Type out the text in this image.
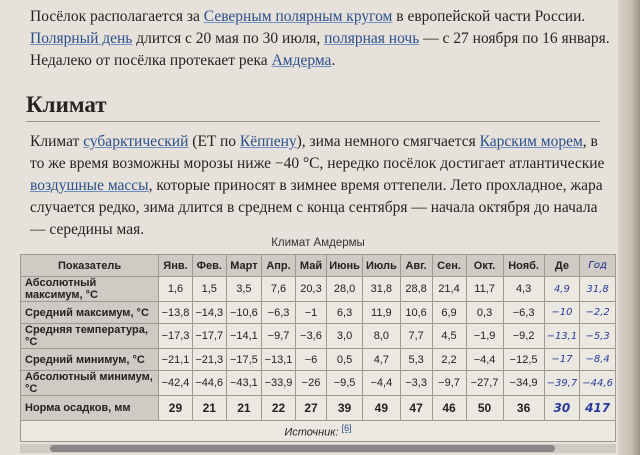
Посёлок располагается за Северным полярным кругом в европейской части России.
Полярный день длится с 20 мая по 30 июля, полярная ночь — с 27 ноября по 16 января.
Недалеко от посёлка протекает река Амдерма.
Климат
Климат субарктический (ET по Кёппену), зима немного смягчается Карским морем, в то же время возможны морозы ниже −40 °С, нередко посёлок достигает атлантические воздушные массы, которые приносят в зимнее время оттепели. Лето прохладное, жара случается редко, зима длится в среднем с конца сентября — начала октября до начала — середины мая.
Климат Амдермы
Показатель	Янв.	Фев.	Март	Апр.	Май	Июнь	Июль	Авг.	Сен.	Окт.	Нояб.	Де	Год
Абсолютный максимум, °C	1,6	1,5	3,5	7,6	20,3	28,0	31,8	28,8	21,4	11,7	4,3	4,9	31,8
Средний максимум, °C	−13,8	−14,3	−10,6	−6,3	−1	6,3	11,9	10,6	6,9	0,3	−6,3	−10	−2,2
Средняя температура, °C	−17,3	−17,7	−14,1	−9,7	−3,6	3,0	8,0	7,7	4,5	−1,9	−9,2	−13,1	−5,3
Средний минимум, °C	−21,1	−21,3	−17,5	−13,1	−6	0,5	4,7	5,3	2,2	−4,4	−12,5	−17	−8,4
Абсолютный минимум, °C	−42,4	−44,6	−43,1	−33,9	−26	−9,5	−4,4	−3,3	−9,7	−27,7	−34,9	−39,7	−44,6
Норма осадков, мм	29	21	21	22	27	39	49	47	46	50	36	30	417
Источник: [6]
